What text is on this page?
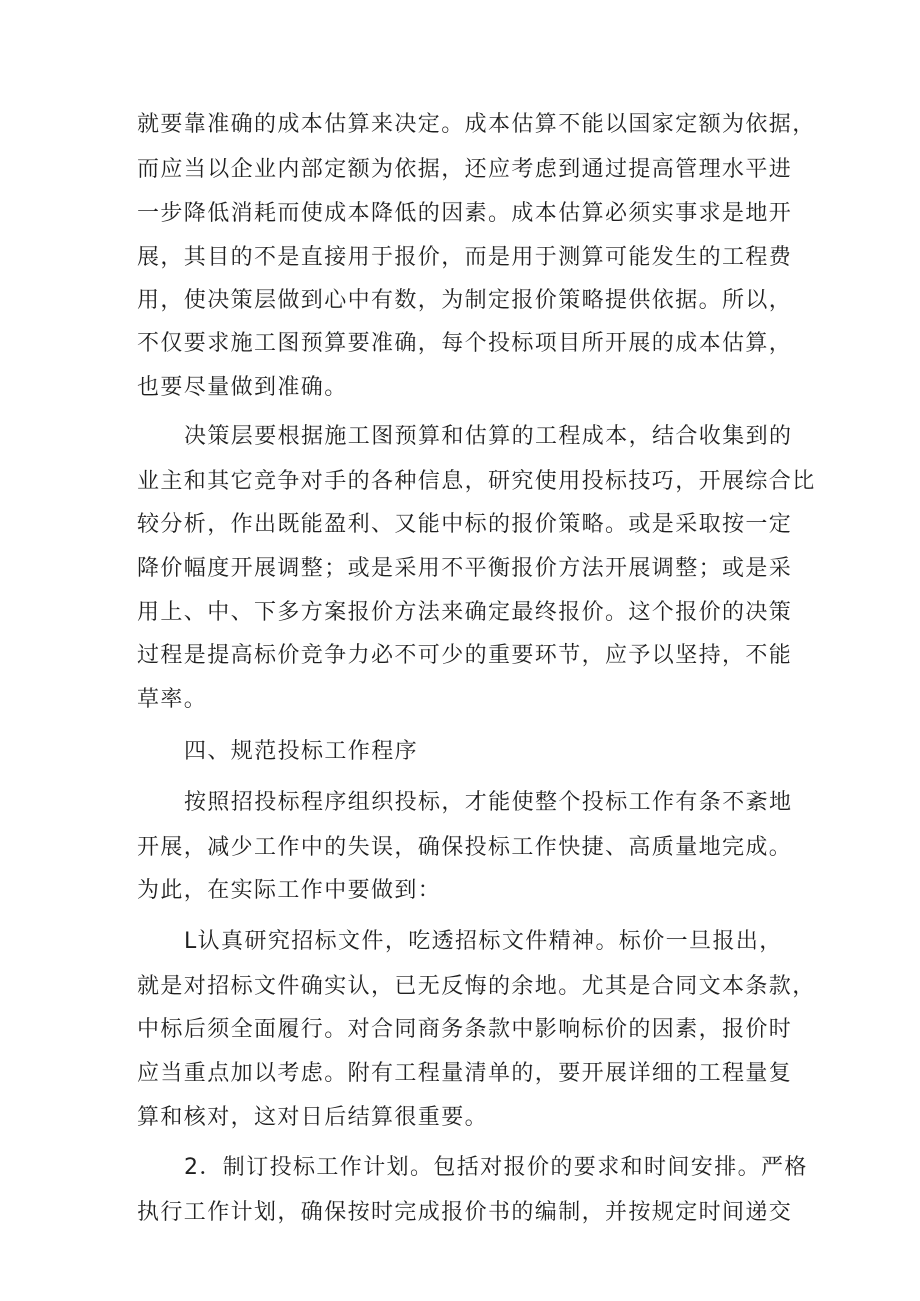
就要靠准确的成本估算来决定。成本估算不能以国家定额为依据，

而应当以企业内部定额为依据，还应考虑到通过提高管理水平进

一步降低消耗而使成本降低的因素。成本估算必须实事求是地开

展，其目的不是直接用于报价，而是用于测算可能发生的工程费

用，使决策层做到心中有数，为制定报价策略提供依据。所以，

不仅要求施工图预算要准确，每个投标项目所开展的成本估算，

也要尽量做到准确。

决策层要根据施工图预算和估算的工程成本，结合收集到的

业主和其它竞争对手的各种信息，研究使用投标技巧，开展综合比

较分析，作出既能盈利、又能中标的报价策略。或是采取按一定

降价幅度开展调整；或是采用不平衡报价方法开展调整；或是采

用上、中、下多方案报价方法来确定最终报价。这个报价的决策

过程是提高标价竞争力必不可少的重要环节，应予以坚持，不能

草率。

四、规范投标工作程序

按照招投标程序组织投标，才能使整个投标工作有条不紊地

开展，减少工作中的失误，确保投标工作快捷、高质量地完成。

为此，在实际工作中要做到：

L认真研究招标文件，吃透招标文件精神。标价一旦报出，

就是对招标文件确实认，已无反悔的余地。尤其是合同文本条款，

中标后须全面履行。对合同商务条款中影响标价的因素，报价时

应当重点加以考虑。附有工程量清单的，要开展详细的工程量复

算和核对，这对日后结算很重要。

2．制订投标工作计划。包括对报价的要求和时间安排。严格

执行工作计划，确保按时完成报价书的编制，并按规定时间递交
